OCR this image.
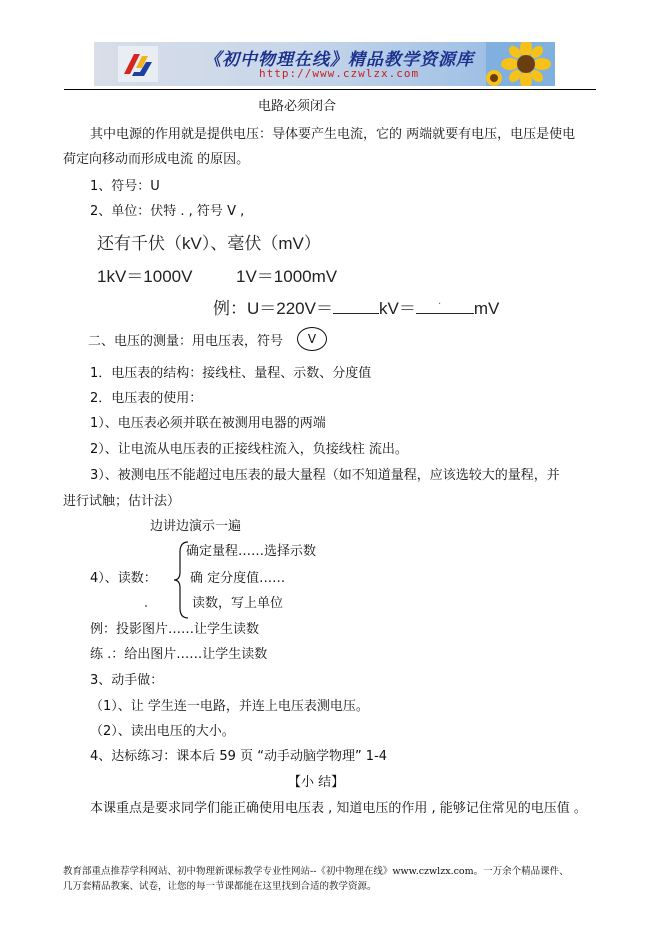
《初中物理在线》精品教学资源库
http://www.czwlzx.com
电路必须闭合
其中电源的作用就是提供电压：导体要产生电流，它的 两端就要有电压，电压是使电
荷定向移动而形成电流 的原因。
1、符号：U
2、单位：伏特 . , 符号 V ,
还有千伏（kV）、毫伏（mV）
1kV＝1000V	1V＝1000mV
例：U＝220V＝	kV＝ . mV
二、电压的测量：用电压表，符号	V
1．电压表的结构：接线柱、量程、示数、分度值
2．电压表的使用：
1）、电压表必须并联在被测用电器的两端
2）、让电流从电压表的正接线柱流入，负接线柱 流出。
3）、被测电压不能超过电压表的最大量程（如不知道量程，应该选较大的量程，并
进行试触；估计法）
边讲边演示一遍
确定量程……选择示数
4）、读数：	确 定分度值……
读数，写上单位
例：投影图片……让学生读数
练 .：给出图片……让学生读数
3、动手做：
（1）、让 学生连一电路，并连上电压表测电压。
（2）、读出电压的大小。
4、达标练习：课本后 59 页 “动手动脑学物理” 1-4
【小 结】
本课重点是要求同学们能正确使用电压表 , 知道电压的作用 , 能够记住常见的电压值 。
教育部重点推荐学科网站、初中物理新课标教学专业性网站--《初中物理在线》www.czwlzx.com。一万余个精品课件、
几万套精品教案、试卷，让您的每一节课都能在这里找到合适的教学资源。
